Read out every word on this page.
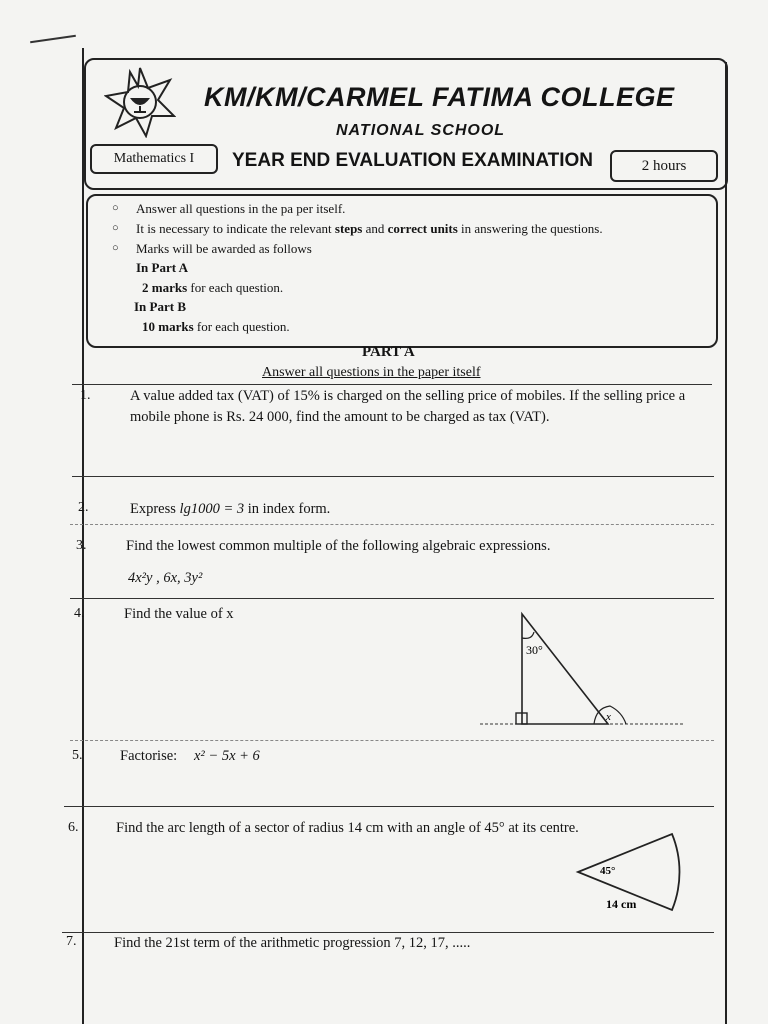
KM/KM/CARMEL FATIMA COLLEGE
NATIONAL SCHOOL
Mathematics I	YEAR END EVALUATION EXAMINATION	2 hours
○ Answer all questions in the pa per itself.
○ It is necessary to indicate the relevant steps and correct units in answering the questions.
○ Marks will be awarded as follows
In Part A
2 marks for each question.
In Part B
10 marks for each question.
PART A
Answer all questions in the paper itself
1.	A value added tax (VAT) of 15% is charged on the selling price of mobiles. If the selling price a mobile phone is Rs. 24 000, find the amount to be charged as tax (VAT).
2.	Express lg1000 = 3 in index form.
3.	Find the lowest common multiple of the following algebraic expressions.
4x²y , 6x, 3y²
4.	Find the value of x
30°
x
5.	Factorise: x² − 5x + 6
6.	Find the arc length of a sector of radius 14 cm with an angle of 45° at its centre.
45°
14 cm
7.	Find the 21st term of the arithmetic progression 7, 12, 17, .....
